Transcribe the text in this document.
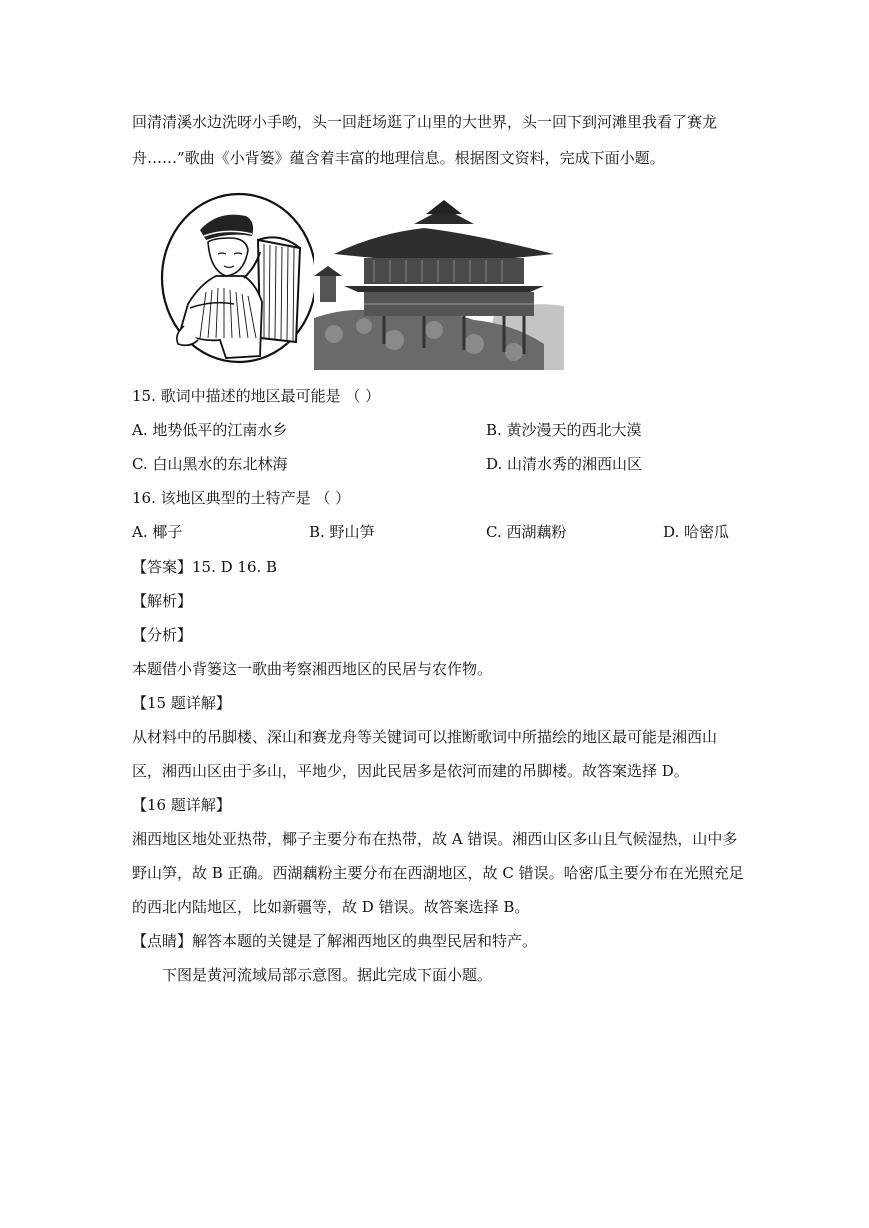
回清清溪水边洗呀小手哟，头一回赶场逛了山里的大世界，头一回下到河滩里我看了赛龙
舟……”歌曲《小背篓》蕴含着丰富的地理信息。根据图文资料，完成下面小题。
15. 歌词中描述的地区最可能是 （ ）
A. 地势低平的江南水乡	B. 黄沙漫天的西北大漠
C. 白山黑水的东北林海	D. 山清水秀的湘西山区
16. 该地区典型的土特产是 （ ）
A. 椰子	B. 野山笋	C. 西湖藕粉	D. 哈密瓜
【答案】15. D 16. B
【解析】
【分析】
本题借小背篓这一歌曲考察湘西地区的民居与农作物。
【15 题详解】
从材料中的吊脚楼、深山和赛龙舟等关键词可以推断歌词中所描绘的地区最可能是湘西山
区，湘西山区由于多山，平地少，因此民居多是依河而建的吊脚楼。故答案选择 D。
【16 题详解】
湘西地区地处亚热带，椰子主要分布在热带，故 A 错误。湘西山区多山且气候湿热，山中多
野山笋，故 B 正确。西湖藕粉主要分布在西湖地区，故 C 错误。哈密瓜主要分布在光照充足
的西北内陆地区，比如新疆等，故 D 错误。故答案选择 B。
【点睛】解答本题的关键是了解湘西地区的典型民居和特产。
下图是黄河流域局部示意图。据此完成下面小题。
